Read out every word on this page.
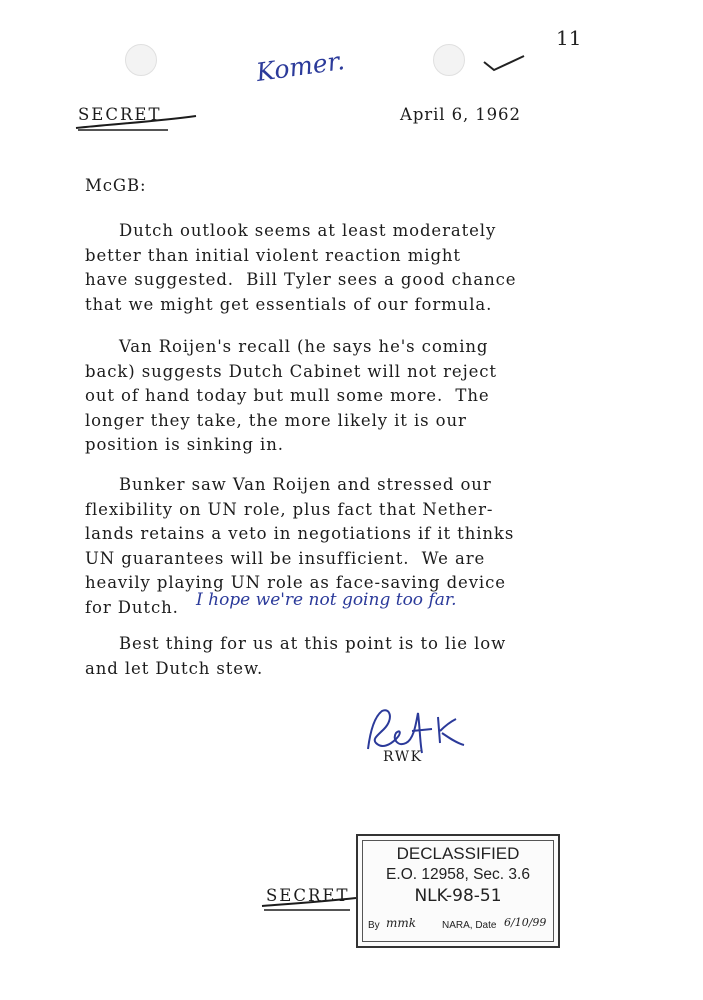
Komer.
11
SECRET	April 6, 1962
McGB:
Dutch outlook seems at least moderately
better than initial violent reaction might
have suggested.  Bill Tyler sees a good chance
that we might get essentials of our formula.
Van Roijen's recall (he says he's coming
back) suggests Dutch Cabinet will not reject
out of hand today but mull some more.  The
longer they take, the more likely it is our
position is sinking in.
Bunker saw Van Roijen and stressed our
flexibility on UN role, plus fact that Nether-
lands retains a veto in negotiations if it thinks
UN guarantees will be insufficient.  We are
heavily playing UN role as face-saving device
for Dutch.	I hope we're not going too far.
Best thing for us at this point is to lie low
and let Dutch stew.
RWK
SECRET
DECLASSIFIED
E.O. 12958, Sec. 3.6
NLK-98-51
By mmk	NARA, Date 6/10/99
